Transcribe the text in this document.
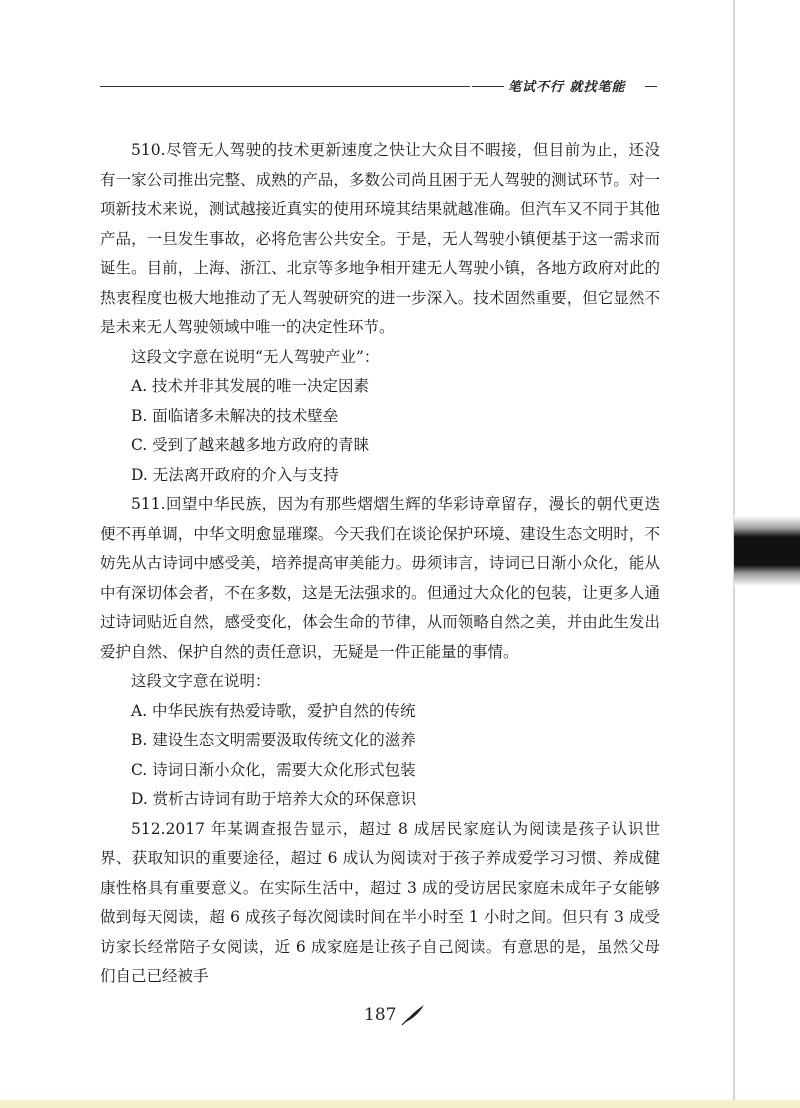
笔试不行 就找笔能

510.尽管无人驾驶的技术更新速度之快让大众目不暇接，但目前为止，还没有一家公司推出完整、成熟的产品，多数公司尚且困于无人驾驶的测试环节。对一项新技术来说，测试越接近真实的使用环境其结果就越准确。但汽车又不同于其他产品，一旦发生事故，必将危害公共安全。于是，无人驾驶小镇便基于这一需求而诞生。目前，上海、浙江、北京等多地争相开建无人驾驶小镇，各地方政府对此的热衷程度也极大地推动了无人驾驶研究的进一步深入。技术固然重要，但它显然不是未来无人驾驶领域中唯一的决定性环节。

这段文字意在说明“无人驾驶产业”：

A. 技术并非其发展的唯一决定因素

B. 面临诸多未解决的技术壁垒

C. 受到了越来越多地方政府的青睐

D. 无法离开政府的介入与支持

511.回望中华民族，因为有那些熠熠生辉的华彩诗章留存，漫长的朝代更迭便不再单调，中华文明愈显璀璨。今天我们在谈论保护环境、建设生态文明时，不妨先从古诗词中感受美，培养提高审美能力。毋须讳言，诗词已日渐小众化，能从中有深切体会者，不在多数，这是无法强求的。但通过大众化的包装，让更多人通过诗词贴近自然，感受变化，体会生命的节律，从而领略自然之美，并由此生发出爱护自然、保护自然的责任意识，无疑是一件正能量的事情。

这段文字意在说明：

A. 中华民族有热爱诗歌，爱护自然的传统

B. 建设生态文明需要汲取传统文化的滋养

C. 诗词日渐小众化，需要大众化形式包装

D. 赏析古诗词有助于培养大众的环保意识

512.2017 年某调查报告显示，超过 8 成居民家庭认为阅读是孩子认识世界、获取知识的重要途径，超过 6 成认为阅读对于孩子养成爱学习习惯、养成健康性格具有重要意义。在实际生活中，超过 3 成的受访居民家庭未成年子女能够做到每天阅读，超 6 成孩子每次阅读时间在半小时至 1 小时之间。但只有 3 成受访家长经常陪子女阅读，近 6 成家庭是让孩子自己阅读。有意思的是，虽然父母们自己已经被手

187
